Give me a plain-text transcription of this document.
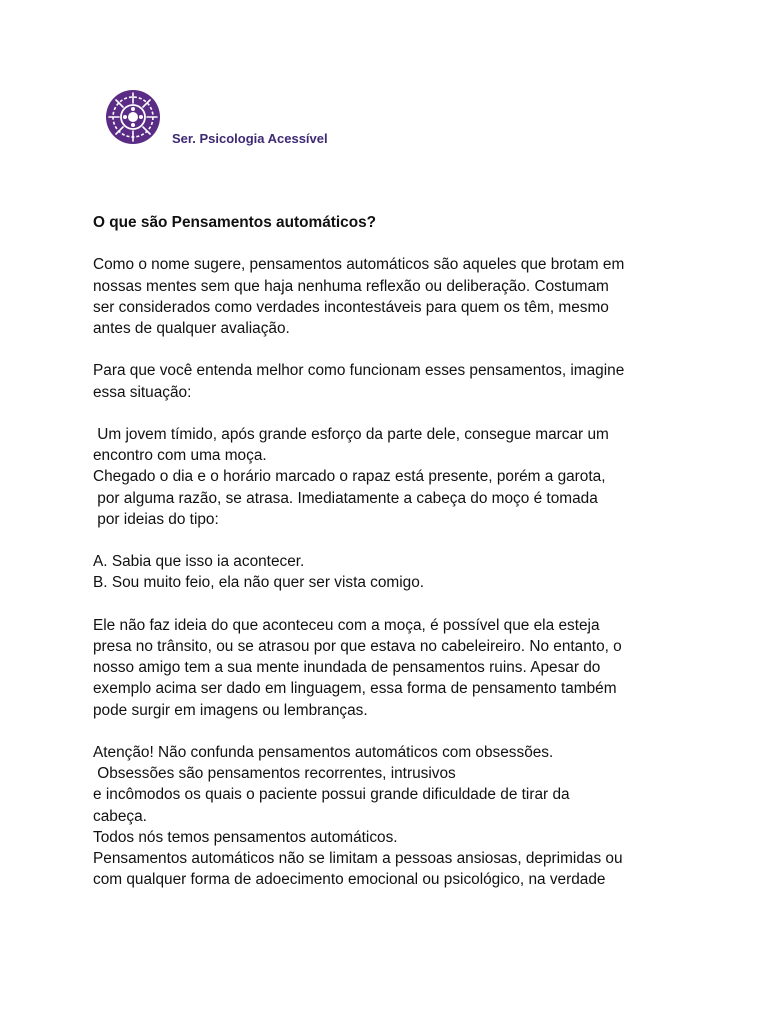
Ser. Psicologia Acessível

O que são Pensamentos automáticos?

Como o nome sugere, pensamentos automáticos são aqueles que brotam em
nossas mentes sem que haja nenhuma reflexão ou deliberação. Costumam
ser considerados como verdades incontestáveis para quem os têm, mesmo
antes de qualquer avaliação.
Para que você entenda melhor como funcionam esses pensamentos, imagine
essa situação:
Um jovem tímido, após grande esforço da parte dele, consegue marcar um
encontro com uma moça.
Chegado o dia e o horário marcado o rapaz está presente, porém a garota,
por alguma razão, se atrasa. Imediatamente a cabeça do moço é tomada
por ideias do tipo:
A. Sabia que isso ia acontecer.
B. Sou muito feio, ela não quer ser vista comigo.
Ele não faz ideia do que aconteceu com a moça, é possível que ela esteja
presa no trânsito, ou se atrasou por que estava no cabeleireiro. No entanto, o
nosso amigo tem a sua mente inundada de pensamentos ruins. Apesar do
exemplo acima ser dado em linguagem, essa forma de pensamento também
pode surgir em imagens ou lembranças.
Atenção! Não confunda pensamentos automáticos com obsessões.
Obsessões são pensamentos recorrentes, intrusivos
e incômodos os quais o paciente possui grande dificuldade de tirar da
cabeça.
Todos nós temos pensamentos automáticos.
Pensamentos automáticos não se limitam a pessoas ansiosas, deprimidas ou
com qualquer forma de adoecimento emocional ou psicológico, na verdade
